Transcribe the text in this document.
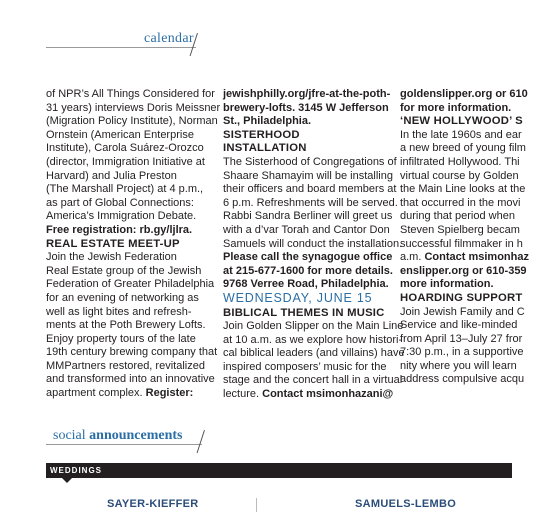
calendar

of NPR’s All Things Considered for
31 years) interviews Doris Meissner
(Migration Policy Institute), Norman
Ornstein (American Enterprise
Institute), Carola Suárez-Orozco
(director, Immigration Initiative at
Harvard) and Julia Preston
(The Marshall Project) at 4 p.m.,
as part of Global Connections:
America’s Immigration Debate.
Free registration: rb.gy/ljlra.

REAL ESTATE MEET-UP

Join the Jewish Federation
Real Estate group of the Jewish
Federation of Greater Philadelphia
for an evening of networking as
well as light bites and refresh-
ments at the Poth Brewery Lofts.
Enjoy property tours of the late
19th century brewing company that
MMPartners restored, revitalized
and transformed into an innovative
apartment complex. Register:

jewishphilly.org/jfre-at-the-poth-
brewery-lofts. 3145 W Jefferson
St., Philadelphia.

SISTERHOOD INSTALLATION

The Sisterhood of Congregations of
Shaare Shamayim will be installing
their officers and board members at
6 p.m. Refreshments will be served.
Rabbi Sandra Berliner will greet us
with a d’var Torah and Cantor Don
Samuels will conduct the installation.
Please call the synagogue office
at 215-677-1600 for more details.
9768 Verree Road, Philadelphia.

WEDNESDAY, JUNE 15

BIBLICAL THEMES IN MUSIC

Join Golden Slipper on the Main Line
at 10 a.m. as we explore how histori-
cal biblical leaders (and villains) have
inspired composers’ music for the
stage and the concert hall in a virtual
lecture. Contact msimonhazani@

goldenslipper.org or 610
for more information.

‘NEW HOLLYWOOD’ S

In the late 1960s and ear
a new breed of young film
infiltrated Hollywood. Thi
virtual course by Golden
the Main Line looks at the
that occurred in the movi
during that period when
Steven Spielberg becam
successful filmmaker in h
a.m. Contact msimonhaz
enslipper.org or 610-359
more information.

HOARDING SUPPORT

Join Jewish Family and C
Service and like-minded
from April 13–July 27 fror
7:30 p.m., in a supportive
nity where you will learn
address compulsive acqu

social announcements
WEDDINGS
SAYER-KIEFFER	SAMUELS-LEMBO
